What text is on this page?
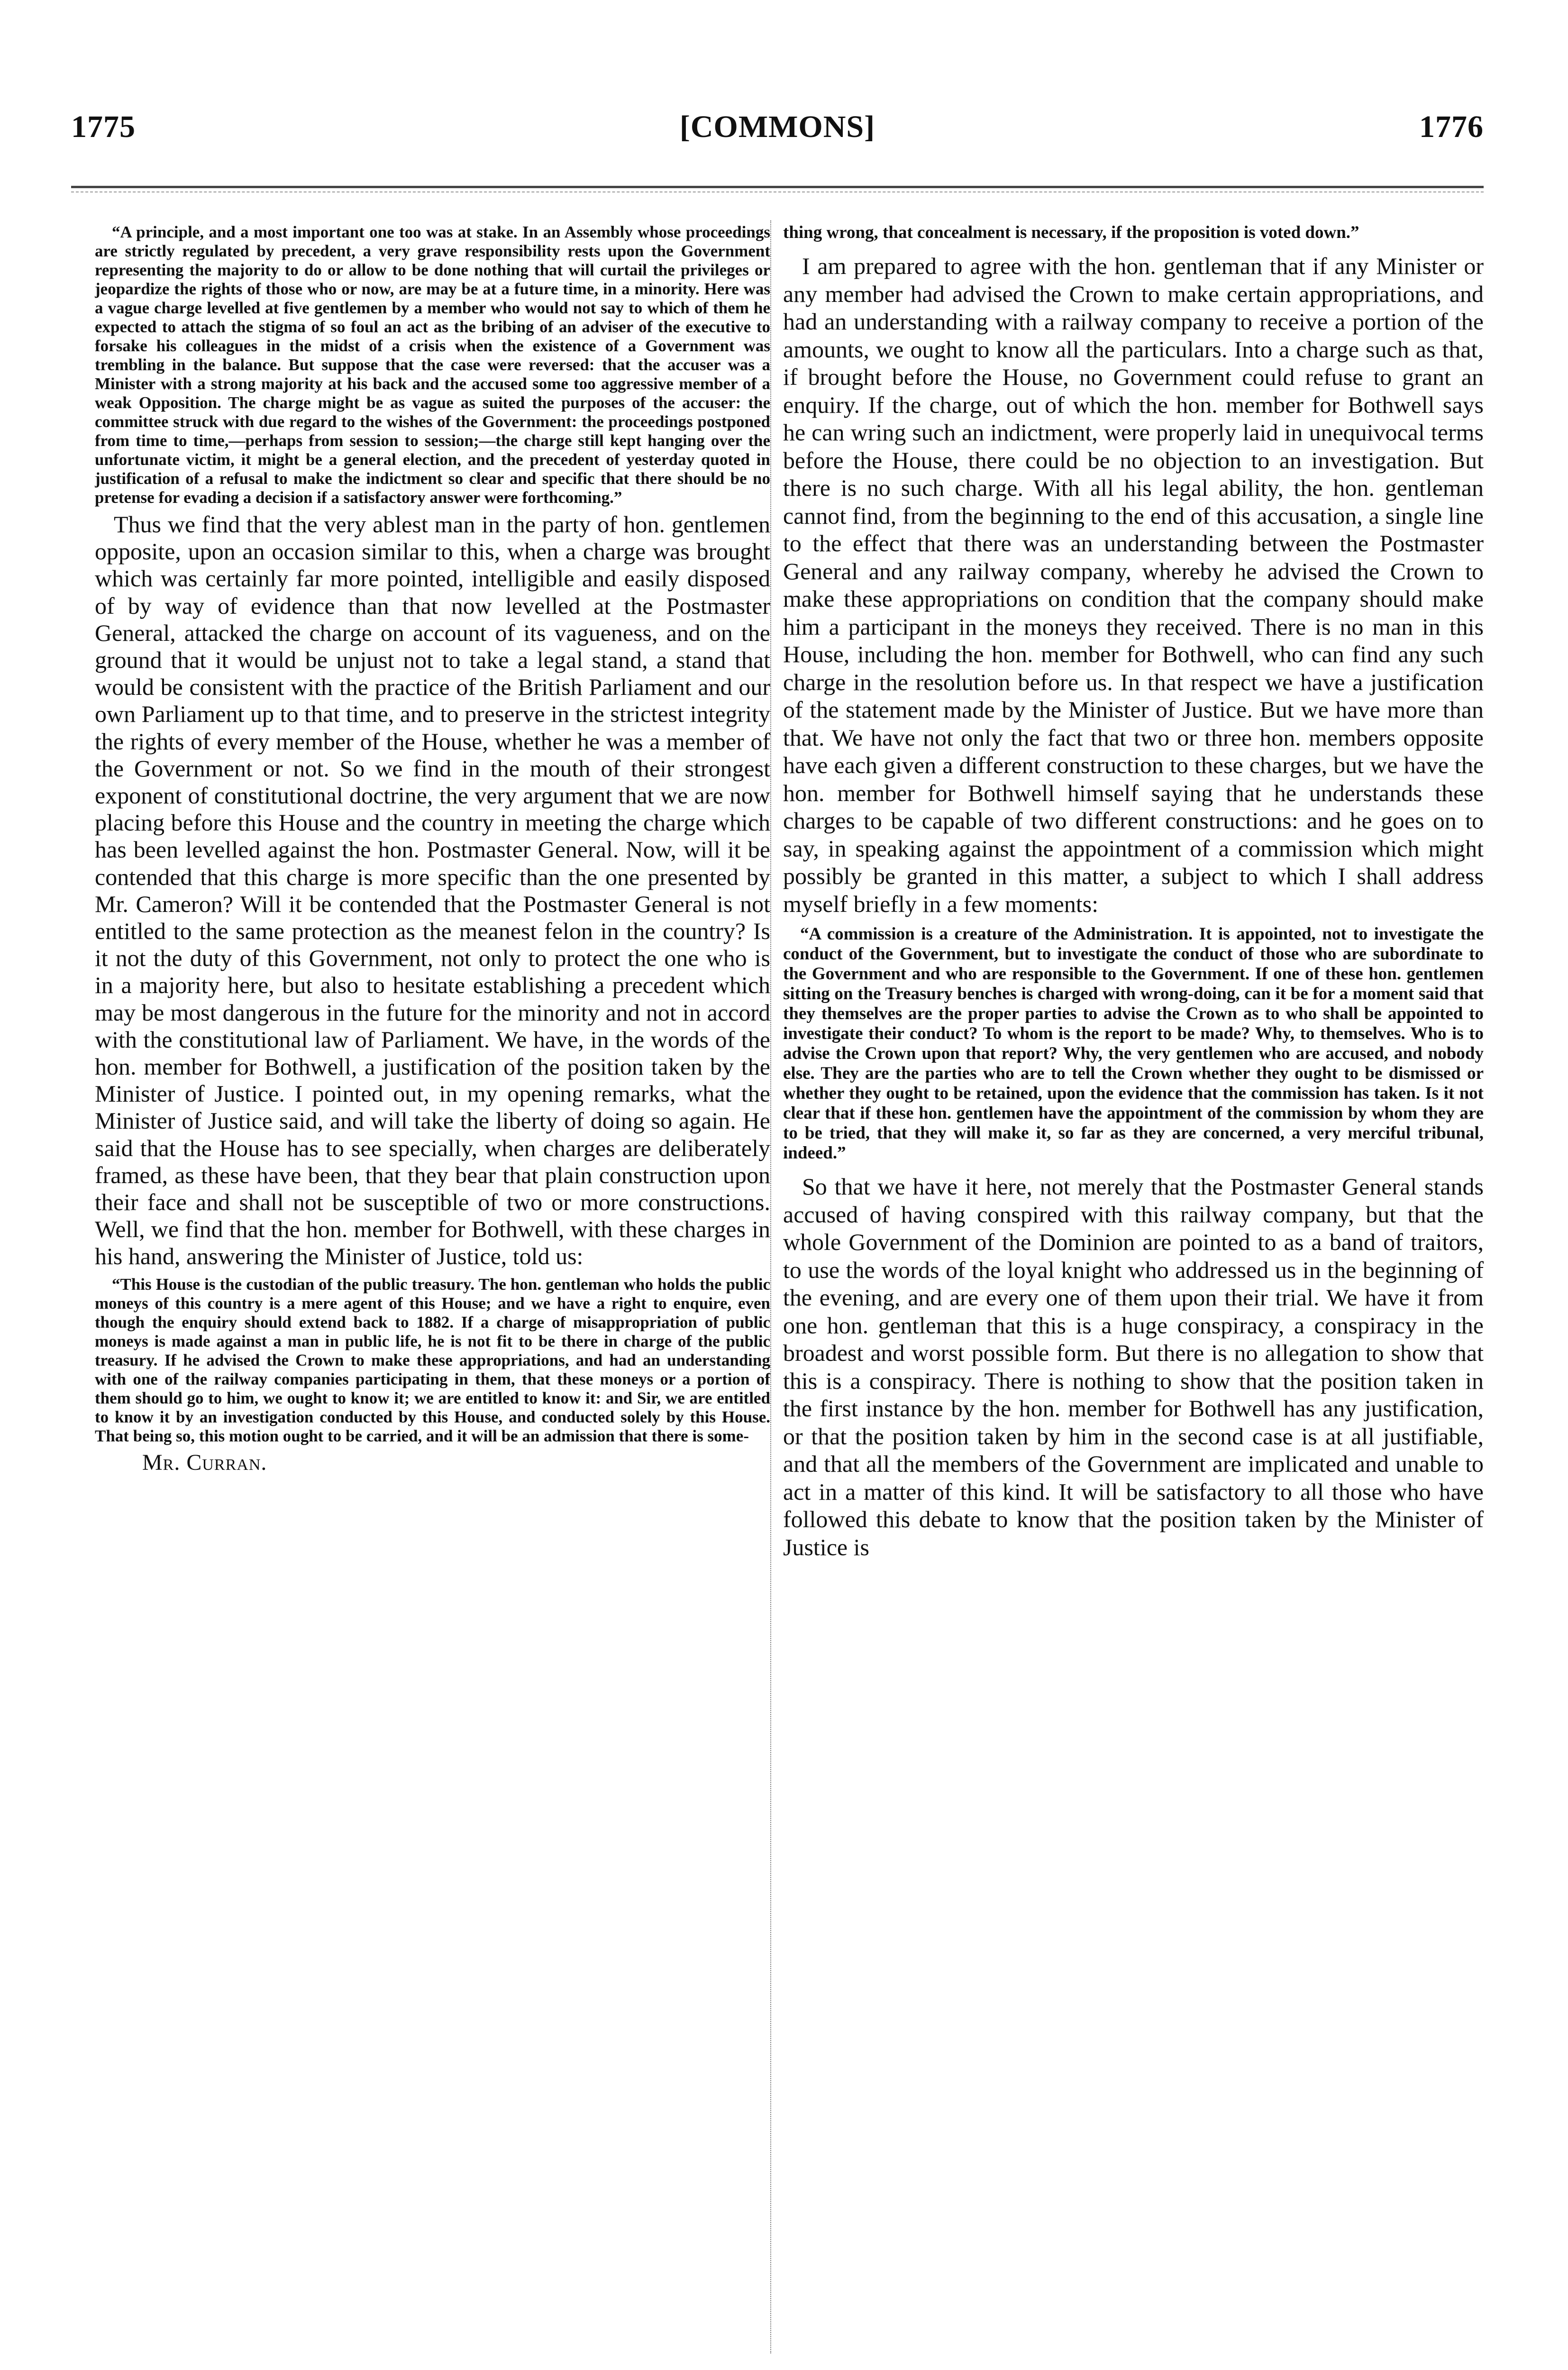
1775	[COMMONS]	1776

“A principle, and a most important one too was at stake. In an Assembly whose proceedings are strictly regulated by precedent, a very grave responsibility rests upon the Government representing the majority to do or allow to be done nothing that will curtail the privileges or jeopardize the rights of those who or now, are may be at a future time, in a minority. Here was a vague charge levelled at five gentlemen by a member who would not say to which of them he expected to attach the stigma of so foul an act as the bribing of an adviser of the executive to forsake his colleagues in the midst of a crisis when the existence of a Government was trembling in the balance. But suppose that the case were reversed: that the accuser was a Minister with a strong majority at his back and the accused some too aggressive member of a weak Opposition. The charge might be as vague as suited the purposes of the accuser: the committee struck with due regard to the wishes of the Government: the proceedings postponed from time to time,—perhaps from session to session;—the charge still kept hanging over the unfortunate victim, it might be a general election, and the precedent of yesterday quoted in justification of a refusal to make the indictment so clear and specific that there should be no pretense for evading a decision if a satisfactory answer were forthcoming.”

Thus we find that the very ablest man in the party of hon. gentlemen opposite, upon an occasion similar to this, when a charge was brought which was certainly far more pointed, intelligible and easily disposed of by way of evidence than that now levelled at the Postmaster General, attacked the charge on account of its vagueness, and on the ground that it would be unjust not to take a legal stand, a stand that would be consistent with the practice of the British Parliament and our own Parliament up to that time, and to preserve in the strictest integrity the rights of every member of the House, whether he was a member of the Government or not. So we find in the mouth of their strongest exponent of constitutional doctrine, the very argument that we are now placing before this House and the country in meeting the charge which has been levelled against the hon. Postmaster General. Now, will it be contended that this charge is more specific than the one presented by Mr. Cameron? Will it be contended that the Postmaster General is not entitled to the same protection as the meanest felon in the country? Is it not the duty of this Government, not only to protect the one who is in a majority here, but also to hesitate establishing a precedent which may be most dangerous in the future for the minority and not in accord with the constitutional law of Parliament. We have, in the words of the hon. member for Bothwell, a justification of the position taken by the Minister of Justice. I pointed out, in my opening remarks, what the Minister of Justice said, and will take the liberty of doing so again. He said that the House has to see specially, when charges are deliberately framed, as these have been, that they bear that plain construction upon their face and shall not be susceptible of two or more constructions. Well, we find that the hon. member for Bothwell, with these charges in his hand, answering the Minister of Justice, told us:

“This House is the custodian of the public treasury. The hon. gentleman who holds the public moneys of this country is a mere agent of this House; and we have a right to enquire, even though the enquiry should extend back to 1882. If a charge of misappropriation of public moneys is made against a man in public life, he is not fit to be there in charge of the public treasury. If he advised the Crown to make these appropriations, and had an understanding with one of the railway companies participating in them, that these moneys or a portion of them should go to him, we ought to know it; we are entitled to know it: and Sir, we are entitled to know it by an investigation conducted by this House, and conducted solely by this House. That being so, this motion ought to be carried, and it will be an admission that there is some-

Mr. Curran.

thing wrong, that concealment is necessary, if the proposition is voted down.”

I am prepared to agree with the hon. gentleman that if any Minister or any member had advised the Crown to make certain appropriations, and had an understanding with a railway company to receive a portion of the amounts, we ought to know all the particulars. Into a charge such as that, if brought before the House, no Government could refuse to grant an enquiry. If the charge, out of which the hon. member for Bothwell says he can wring such an indictment, were properly laid in unequivocal terms before the House, there could be no objection to an investigation. But there is no such charge. With all his legal ability, the hon. gentleman cannot find, from the beginning to the end of this accusation, a single line to the effect that there was an understanding between the Postmaster General and any railway company, whereby he advised the Crown to make these appropriations on condition that the company should make him a participant in the moneys they received. There is no man in this House, including the hon. member for Bothwell, who can find any such charge in the resolution before us. In that respect we have a justification of the statement made by the Minister of Justice. But we have more than that. We have not only the fact that two or three hon. members opposite have each given a different construction to these charges, but we have the hon. member for Bothwell himself saying that he understands these charges to be capable of two different constructions: and he goes on to say, in speaking against the appointment of a commission which might possibly be granted in this matter, a subject to which I shall address myself briefly in a few moments:

“A commission is a creature of the Administration. It is appointed, not to investigate the conduct of the Government, but to investigate the conduct of those who are subordinate to the Government and who are responsible to the Government. If one of these hon. gentlemen sitting on the Treasury benches is charged with wrong-doing, can it be for a moment said that they themselves are the proper parties to advise the Crown as to who shall be appointed to investigate their conduct? To whom is the report to be made? Why, to themselves. Who is to advise the Crown upon that report? Why, the very gentlemen who are accused, and nobody else. They are the parties who are to tell the Crown whether they ought to be dismissed or whether they ought to be retained, upon the evidence that the commission has taken. Is it not clear that if these hon. gentlemen have the appointment of the commission by whom they are to be tried, that they will make it, so far as they are concerned, a very merciful tribunal, indeed.”

So that we have it here, not merely that the Postmaster General stands accused of having conspired with this railway company, but that the whole Government of the Dominion are pointed to as a band of traitors, to use the words of the loyal knight who addressed us in the beginning of the evening, and are every one of them upon their trial. We have it from one hon. gentleman that this is a huge conspiracy, a conspiracy in the broadest and worst possible form. But there is no allegation to show that this is a conspiracy. There is nothing to show that the position taken in the first instance by the hon. member for Bothwell has any justification, or that the position taken by him in the second case is at all justifiable, and that all the members of the Government are implicated and unable to act in a matter of this kind. It will be satisfactory to all those who have followed this debate to know that the position taken by the Minister of Justice is
